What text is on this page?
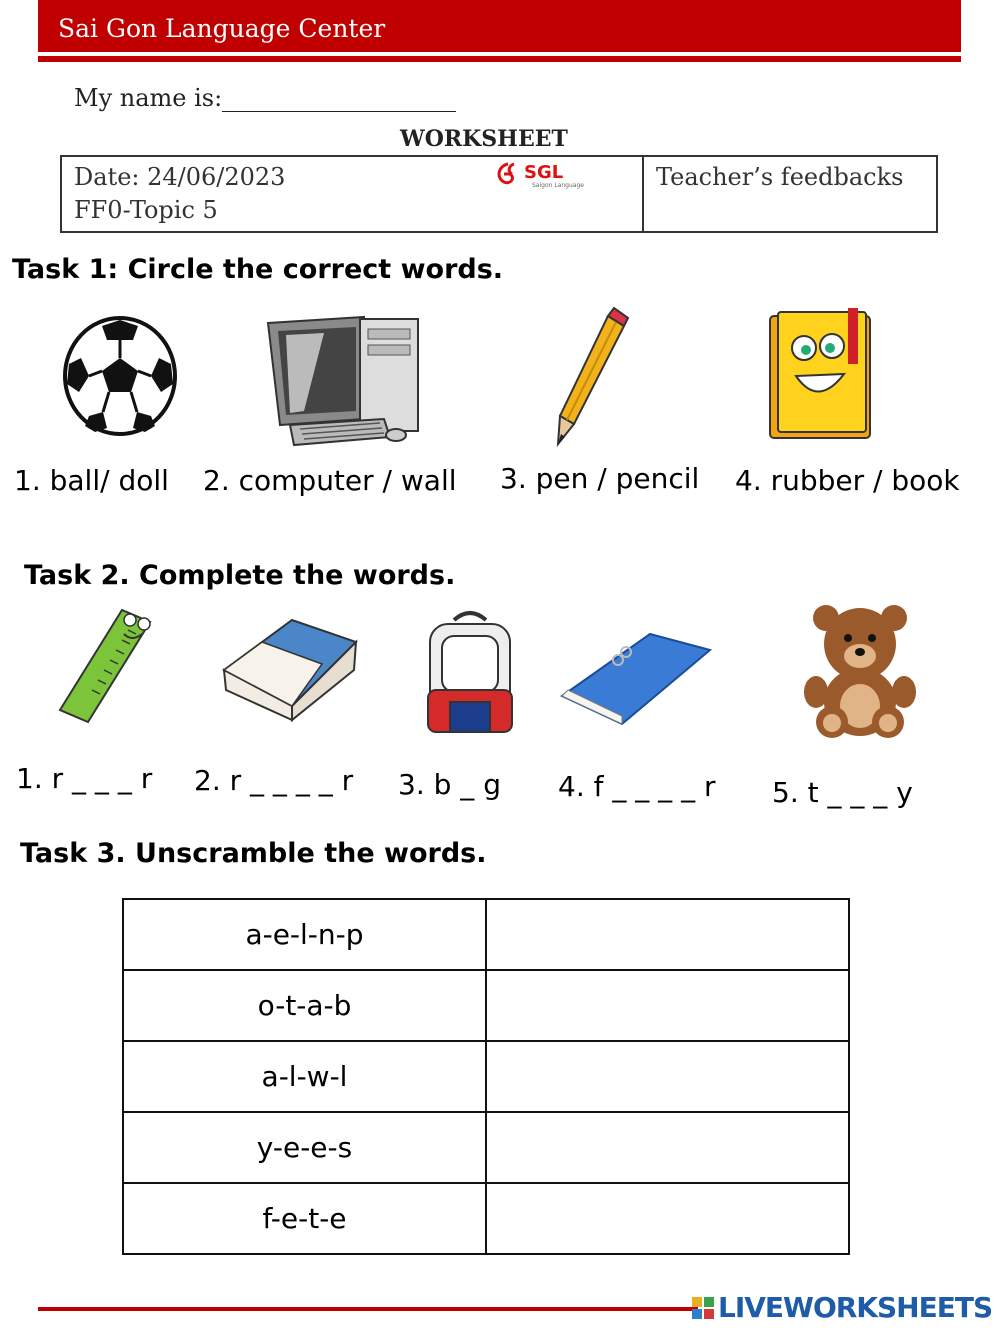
Sai Gon Language Center
My name is:
WORKSHEET
Date: 24/06/2023
FF0-Topic 5
Teacher’s feedbacks
SGL
Saigon Language
Task 1: Circle the correct words.
1. ball/ doll 2. computer / wall 3. pen / pencil 4. rubber / book
Task 2. Complete the words.
1. r _ _ _ r 2. r _ _ _ _ r 3. b _ g 4. f _ _ _ _ r 5. t _ _ _ y
Task 3. Unscramble the words.
a-e-l-n-p	
o-t-a-b	
a-l-w-l	
y-e-e-s	
f-e-t-e	
LIVEWORKSHEETS
